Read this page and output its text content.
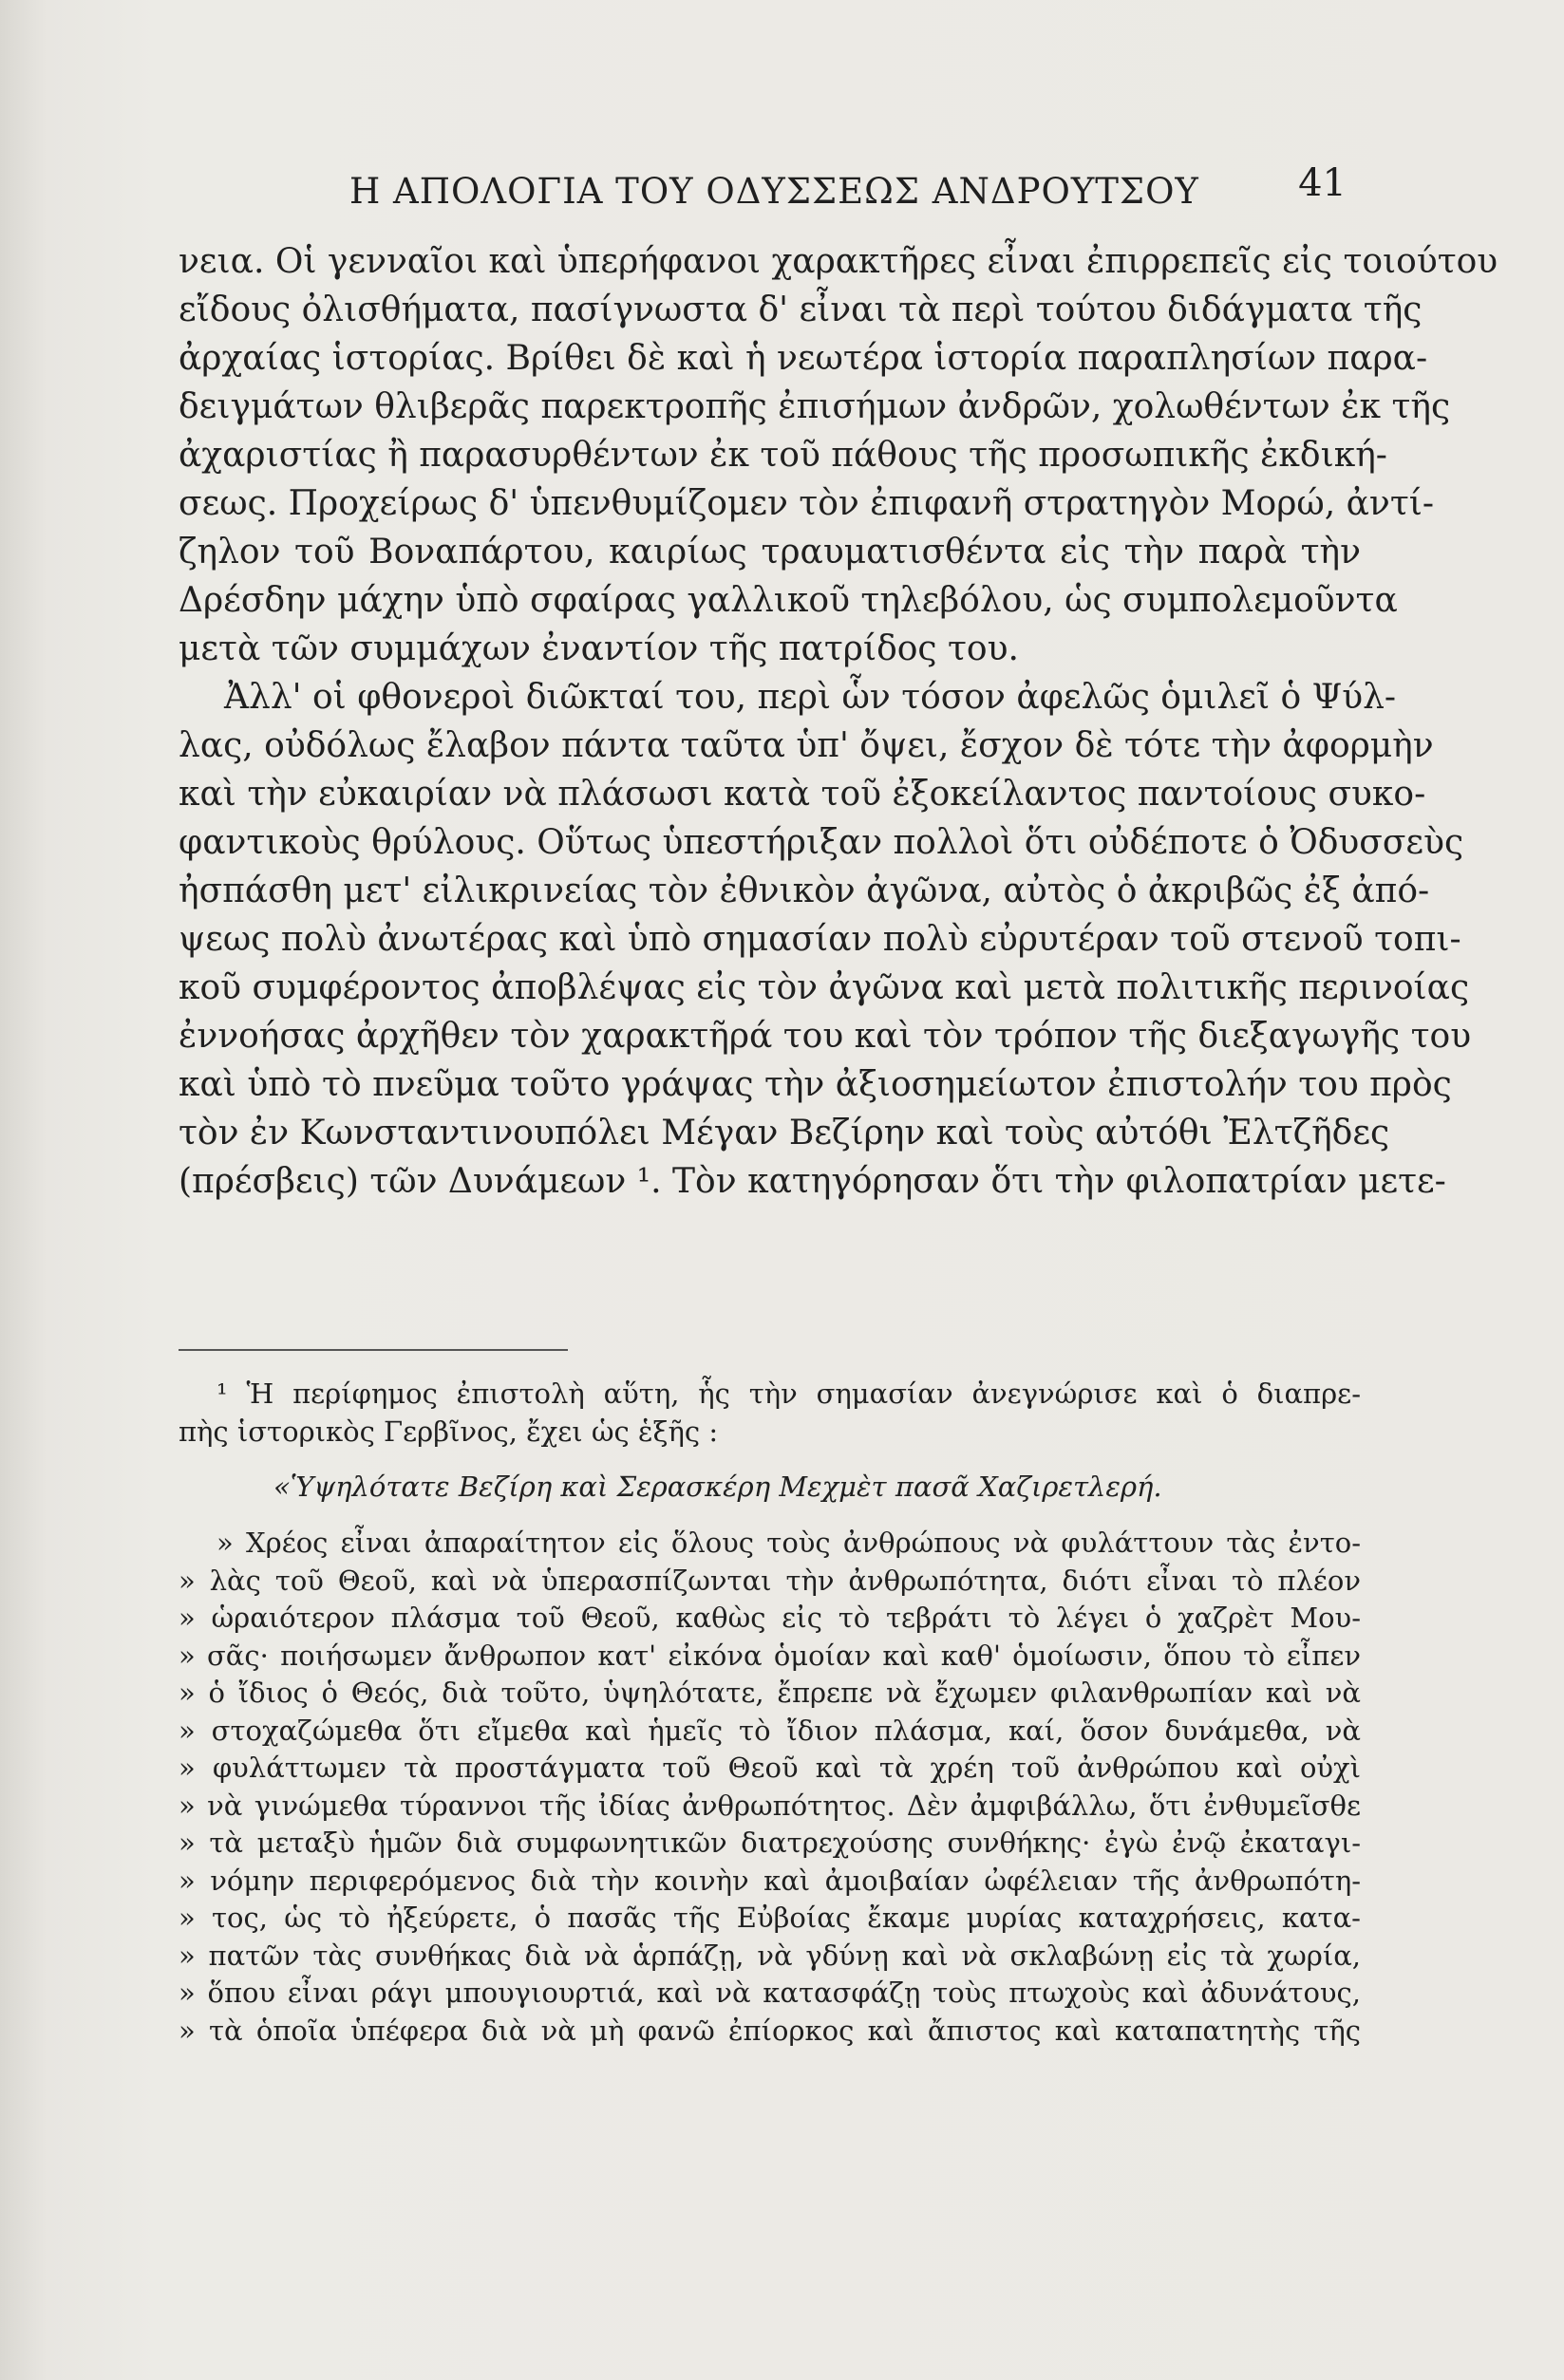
Η ΑΠΟΛΟΓΙΑ ΤΟΥ ΟΔΥΣΣΕΩΣ ΑΝΔΡΟΥΤΣΟΥ	41
νεια. Οἱ γενναῖοι καὶ ὑπερήφανοι χαρακτῆρες εἶναι ἐπιρρεπεῖς εἰς τοιούτου
εἴδους ὀλισθήματα, πασίγνωστα δ' εἶναι τὰ περὶ τούτου διδάγματα τῆς
ἀρχαίας ἱστορίας. Βρίθει δὲ καὶ ἡ νεωτέρα ἱστορία παραπλησίων παρα-
δειγμάτων θλιβερᾶς παρεκτροπῆς ἐπισήμων ἀνδρῶν, χολωθέντων ἐκ τῆς
ἀχαριστίας ἢ παρασυρθέντων ἐκ τοῦ πάθους τῆς προσωπικῆς ἐκδική-
σεως. Προχείρως δ' ὑπενθυμίζομεν τὸν ἐπιφανῆ στρατηγὸν Μορώ, ἀντί-
ζηλον τοῦ Βοναπάρτου, καιρίως τραυματισθέντα εἰς τὴν παρὰ τὴν
Δρέσδην μάχην ὑπὸ σφαίρας γαλλικοῦ τηλεβόλου, ὡς συμπολεμοῦντα
μετὰ τῶν συμμάχων ἐναντίον τῆς πατρίδος του.
Ἀλλ' οἱ φθονεροὶ διῶκταί του, περὶ ὧν τόσον ἀφελῶς ὁμιλεῖ ὁ Ψύλ-
λας, οὐδόλως ἔλαβον πάντα ταῦτα ὑπ' ὄψει, ἔσχον δὲ τότε τὴν ἀφορμὴν
καὶ τὴν εὐκαιρίαν νὰ πλάσωσι κατὰ τοῦ ἐξοκείλαντος παντοίους συκο-
φαντικοὺς θρύλους. Οὕτως ὑπεστήριξαν πολλοὶ ὅτι οὐδέποτε ὁ Ὀδυσσεὺς
ἠσπάσθη μετ' εἰλικρινείας τὸν ἐθνικὸν ἀγῶνα, αὐτὸς ὁ ἀκριβῶς ἐξ ἀπό-
ψεως πολὺ ἀνωτέρας καὶ ὑπὸ σημασίαν πολὺ εὐρυτέραν τοῦ στενοῦ τοπι-
κοῦ συμφέροντος ἀποβλέψας εἰς τὸν ἀγῶνα καὶ μετὰ πολιτικῆς περινοίας
ἐννοήσας ἀρχῆθεν τὸν χαρακτῆρά του καὶ τὸν τρόπον τῆς διεξαγωγῆς του
καὶ ὑπὸ τὸ πνεῦμα τοῦτο γράψας τὴν ἀξιοσημείωτον ἐπιστολήν του πρὸς
τὸν ἐν Κωνσταντινουπόλει Μέγαν Βεζίρην καὶ τοὺς αὐτόθι Ἐλτζῆδες
(πρέσβεις) τῶν Δυνάμεων ¹. Τὸν κατηγόρησαν ὅτι τὴν φιλοπατρίαν μετε-
¹ Ἡ περίφημος ἐπιστολὴ αὕτη, ἧς τὴν σημασίαν ἀνεγνώρισε καὶ ὁ διαπρε-
πὴς ἱστορικὸς Γερβῖνος, ἔχει ὡς ἑξῆς :
«Ὑψηλότατε Βεζίρη καὶ Σερασκέρη Μεχμὲτ πασᾶ Χαζιρετλερή.
» Χρέος εἶναι ἀπαραίτητον εἰς ὅλους τοὺς ἀνθρώπους νὰ φυλάττουν τὰς ἐντο-
» λὰς τοῦ Θεοῦ, καὶ νὰ ὑπερασπίζωνται τὴν ἀνθρωπότητα, διότι εἶναι τὸ πλέον
» ὡραιότερον πλάσμα τοῦ Θεοῦ, καθὼς εἰς τὸ τεβράτι τὸ λέγει ὁ χαζρὲτ Μου-
» σᾶς· ποιήσωμεν ἄνθρωπον κατ' εἰκόνα ὁμοίαν καὶ καθ' ὁμοίωσιν, ὅπου τὸ εἶπεν
» ὁ ἴδιος ὁ Θεός, διὰ τοῦτο, ὑψηλότατε, ἔπρεπε νὰ ἔχωμεν φιλανθρωπίαν καὶ νὰ
» στοχαζώμεθα ὅτι εἴμεθα καὶ ἡμεῖς τὸ ἴδιον πλάσμα, καί, ὅσον δυνάμεθα, νὰ
» φυλάττωμεν τὰ προστάγματα τοῦ Θεοῦ καὶ τὰ χρέη τοῦ ἀνθρώπου καὶ οὐχὶ
» νὰ γινώμεθα τύραννοι τῆς ἰδίας ἀνθρωπότητος. Δὲν ἀμφιβάλλω, ὅτι ἐνθυμεῖσθε
» τὰ μεταξὺ ἡμῶν διὰ συμφωνητικῶν διατρεχούσης συνθήκης· ἐγὼ ἐνῷ ἐκαταγι-
» νόμην περιφερόμενος διὰ τὴν κοινὴν καὶ ἀμοιβαίαν ὠφέλειαν τῆς ἀνθρωπότη-
» τος, ὡς τὸ ἠξεύρετε, ὁ πασᾶς τῆς Εὐβοίας ἔκαμε μυρίας καταχρήσεις, κατα-
» πατῶν τὰς συνθήκας διὰ νὰ ἁρπάζῃ, νὰ γδύνῃ καὶ νὰ σκλαβώνῃ εἰς τὰ χωρία,
» ὅπου εἶναι ράγι μπουγιουρτιά, καὶ νὰ κατασφάζῃ τοὺς πτωχοὺς καὶ ἀδυνάτους,
» τὰ ὁποῖα ὑπέφερα διὰ νὰ μὴ φανῶ ἐπίορκος καὶ ἄπιστος καὶ καταπατητὴς τῆς
